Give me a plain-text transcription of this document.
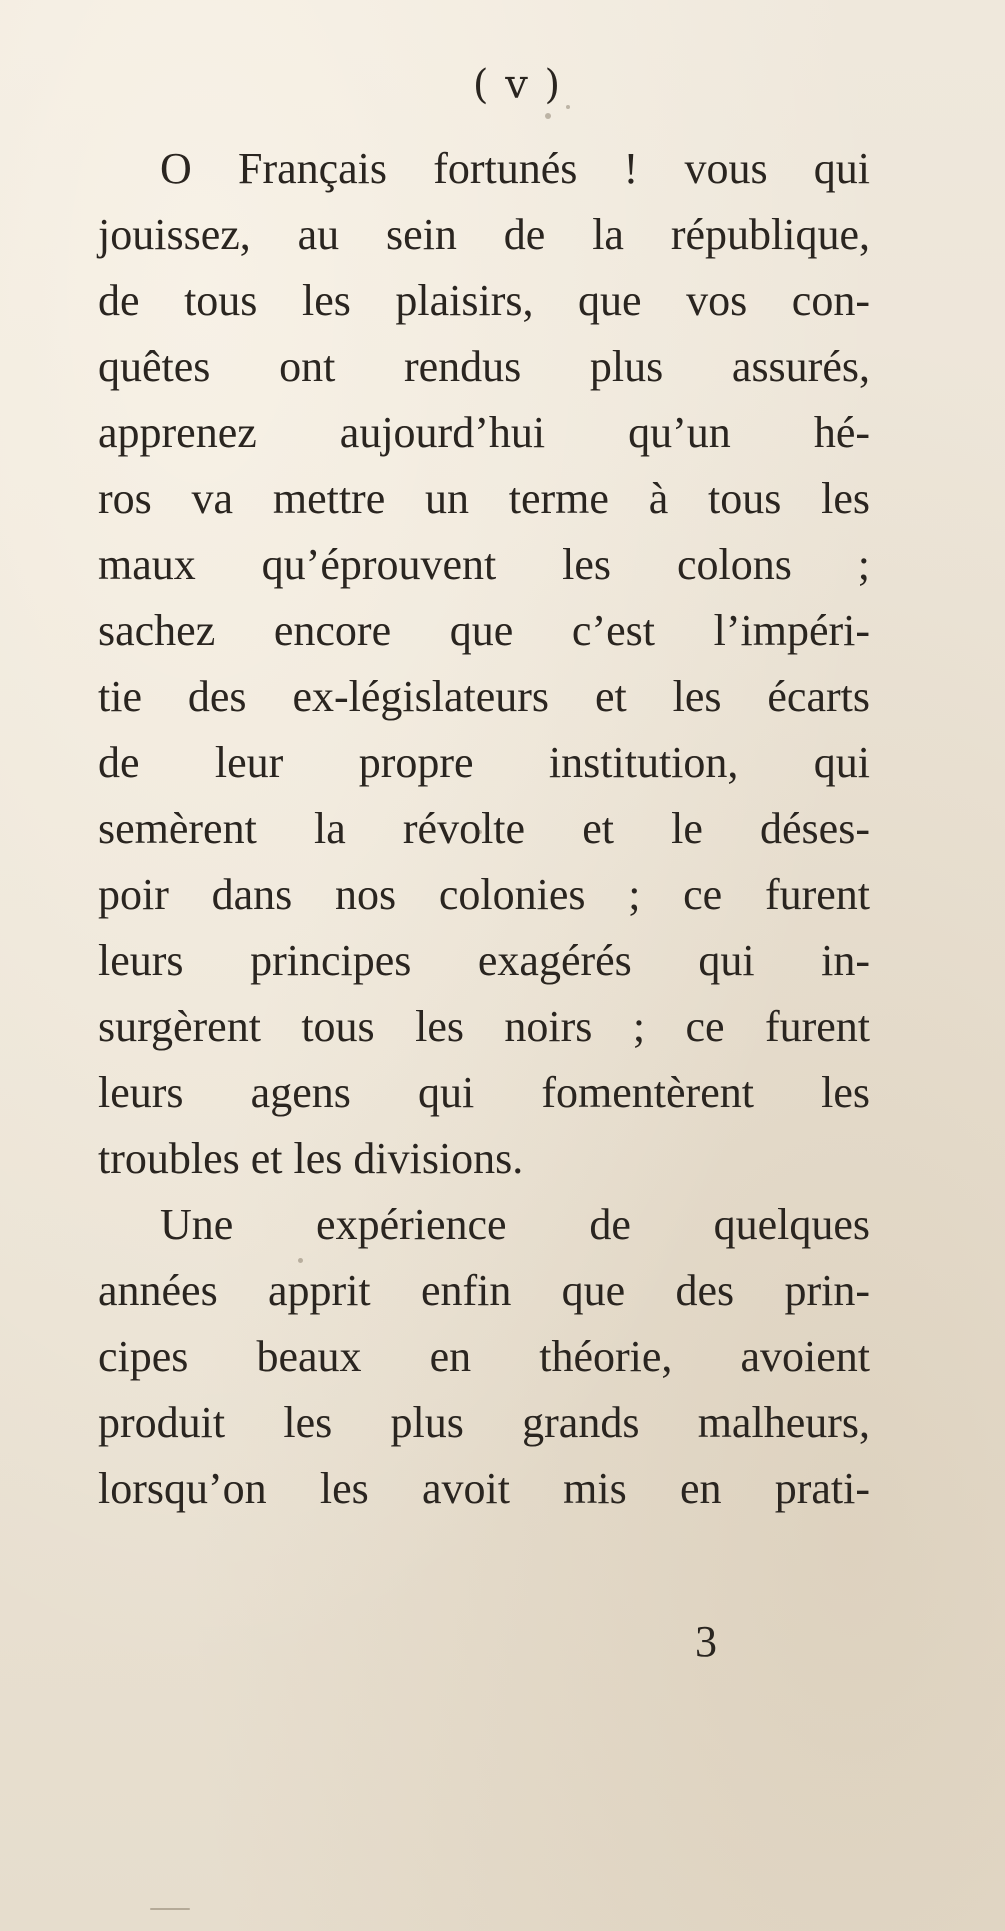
( v )
O Français fortunés ! vous qui
jouissez, au sein de la république,
de tous les plaisirs, que vos con-
quêtes ont rendus plus assurés,
apprenez aujourd’hui qu’un hé-
ros va mettre un terme à tous les
maux qu’éprouvent les colons ;
sachez encore que c’est l’impéri-
tie des ex-législateurs et les écarts
de leur propre institution, qui
semèrent la révolte et le déses-
poir dans nos colonies ; ce furent
leurs principes exagérés qui in-
surgèrent tous les noirs ; ce furent
leurs agens qui fomentèrent les
troubles et les divisions.
Une expérience de quelques
années apprit enfin que des prin-
cipes beaux en théorie, avoient
produit les plus grands malheurs,
lorsqu’on les avoit mis en prati-
3
